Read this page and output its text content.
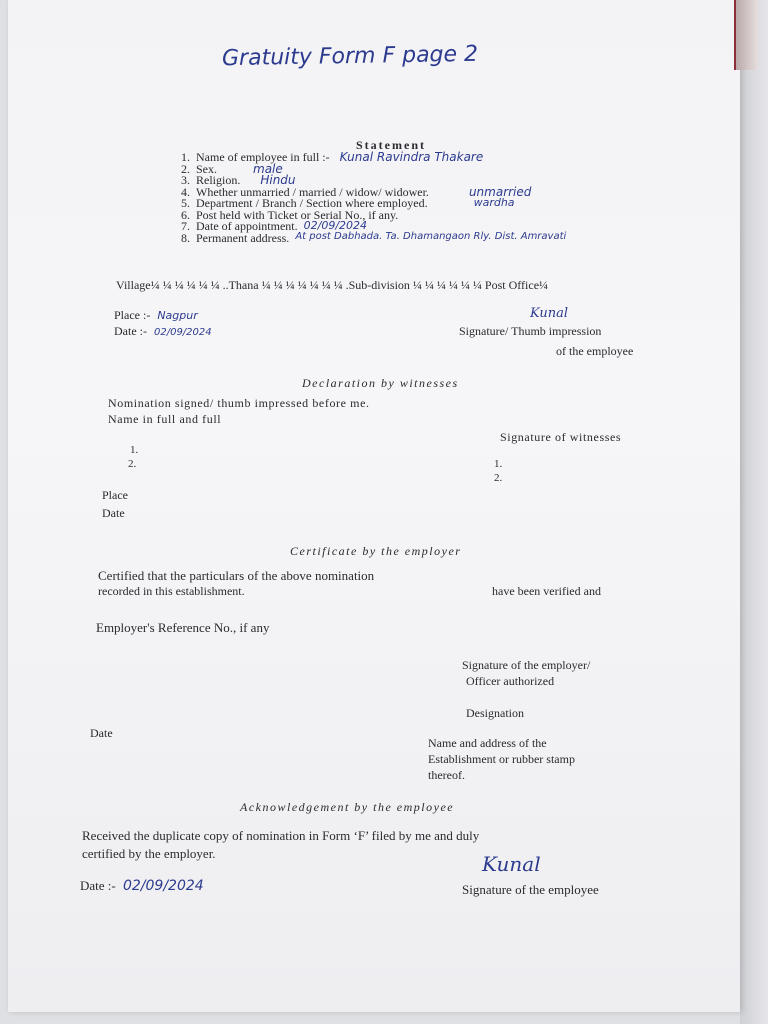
Gratuity Form F page 2
Statement
1. Name of employee in full :- Kunal Ravindra Thakare
2. Sex.	male
3. Religion. Hindu
4. Whether unmarried / married / widow/ widower.	unmarried
5. Department / Branch / Section where employed.	wardha
6. Post held with Ticket or Serial No., if any.
7. Date of appointment. 02/09/2024
8. Permanent address. At post Dabhada. Ta. Dhamangaon Rly. Dist. Amravati
Village¼ ¼ ¼ ¼ ¼ ¼ ..Thana ¼ ¼ ¼ ¼ ¼ ¼ ¼ .Sub-division ¼ ¼ ¼ ¼ ¼ ¼ Post Office¼
Place :- Nagpur
Date :- 02/09/2024
Kunal
Signature/ Thumb impression
of the employee
Declaration by witnesses
Nomination signed/ thumb impressed before me.
Name in full and full
Signature of witnesses
1.
2.	1.
2.
Place
Date
Certificate by the employer
Certified that the particulars of the above nomination
have been verified and
recorded in this establishment.
Employer's Reference No., if any
Signature of the employer/
Officer authorized
Designation
Date
Name and address of the
Establishment or rubber stamp
thereof.
Acknowledgement by the employee
Received the duplicate copy of nomination in Form ‘F’ filed by me and duly
certified by the employer.	Kunal
Date :- 02/09/2024	Signature of the employee
